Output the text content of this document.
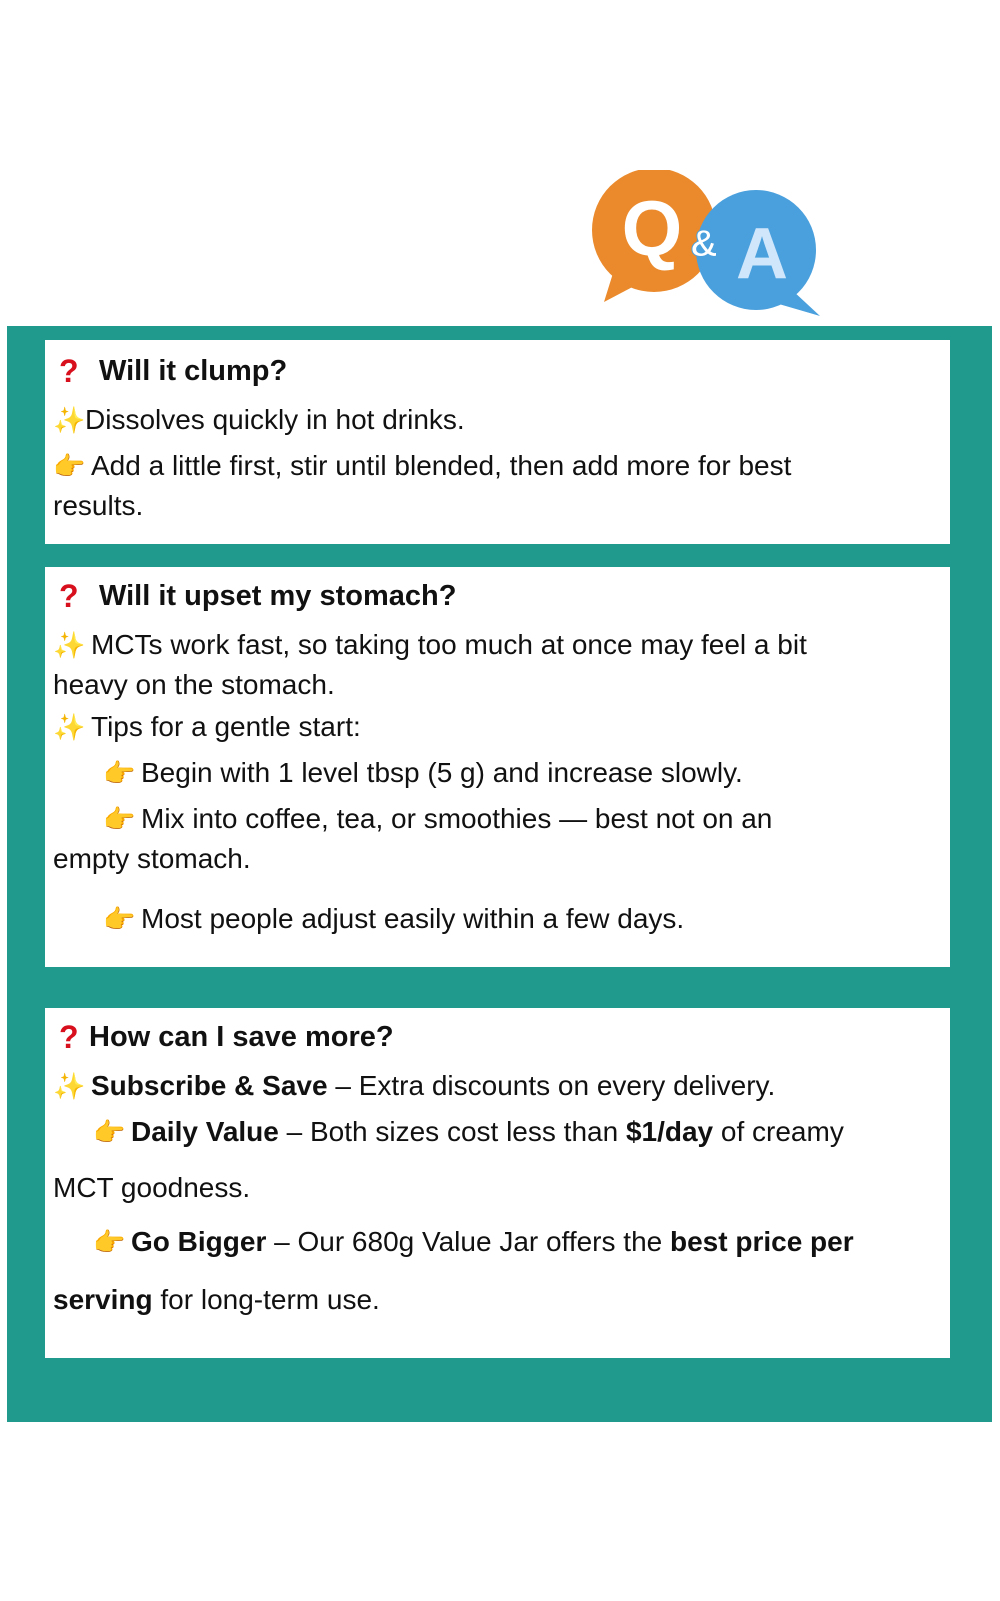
Q A
&
? Will it clump?
✨Dissolves quickly in hot drinks.
👉 Add a little first, stir until blended, then add more for best
results.
? Will it upset my stomach?
✨ MCTs work fast, so taking too much at once may feel a bit
heavy on the stomach.
✨ Tips for a gentle start:
👉 Begin with 1 level tbsp (5 g) and increase slowly.
👉 Mix into coffee, tea, or smoothies — best not on an
empty stomach.
👉 Most people adjust easily within a few days.
? How can I save more?
✨ Subscribe & Save – Extra discounts on every delivery.
👉 Daily Value – Both sizes cost less than $1/day of creamy
MCT goodness.
👉 Go Bigger – Our 680g Value Jar offers the best price per
serving for long-term use.
